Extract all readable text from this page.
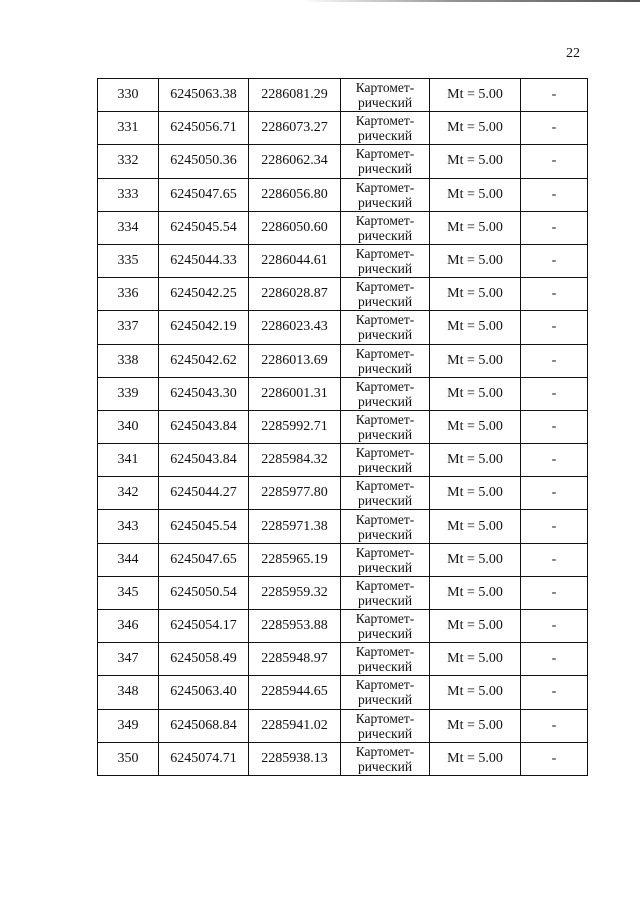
22
330	6245063.38	2286081.29	Картомет-
рический	Mt = 5.00	-
331	6245056.71	2286073.27	Картомет-
рический	Mt = 5.00	-
332	6245050.36	2286062.34	Картомет-
рический	Mt = 5.00	-
333	6245047.65	2286056.80	Картомет-
рический	Mt = 5.00	-
334	6245045.54	2286050.60	Картомет-
рический	Mt = 5.00	-
335	6245044.33	2286044.61	Картомет-
рический	Mt = 5.00	-
336	6245042.25	2286028.87	Картомет-
рический	Mt = 5.00	-
337	6245042.19	2286023.43	Картомет-
рический	Mt = 5.00	-
338	6245042.62	2286013.69	Картомет-
рический	Mt = 5.00	-
339	6245043.30	2286001.31	Картомет-
рический	Mt = 5.00	-
340	6245043.84	2285992.71	Картомет-
рический	Mt = 5.00	-
341	6245043.84	2285984.32	Картомет-
рический	Mt = 5.00	-
342	6245044.27	2285977.80	Картомет-
рический	Mt = 5.00	-
343	6245045.54	2285971.38	Картомет-
рический	Mt = 5.00	-
344	6245047.65	2285965.19	Картомет-
рический	Mt = 5.00	-
345	6245050.54	2285959.32	Картомет-
рический	Mt = 5.00	-
346	6245054.17	2285953.88	Картомет-
рический	Mt = 5.00	-
347	6245058.49	2285948.97	Картомет-
рический	Mt = 5.00	-
348	6245063.40	2285944.65	Картомет-
рический	Mt = 5.00	-
349	6245068.84	2285941.02	Картомет-
рический	Mt = 5.00	-
350	6245074.71	2285938.13	Картомет-
рический	Mt = 5.00	-
